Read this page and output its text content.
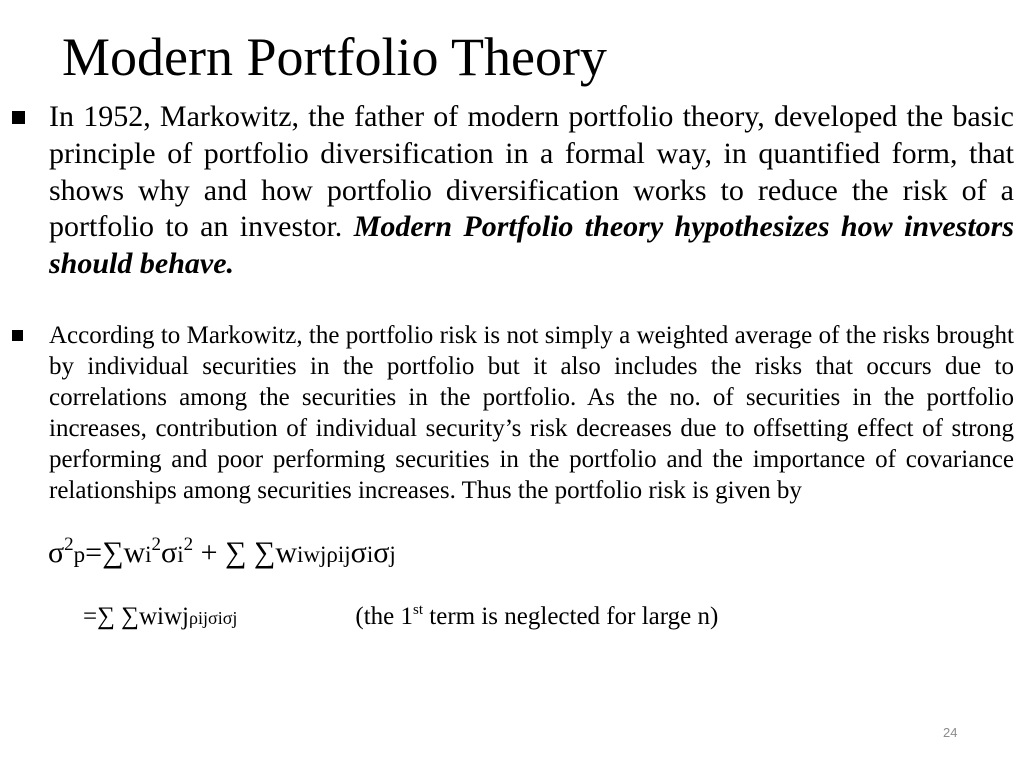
Modern Portfolio Theory
In 1952, Markowitz, the father of modern portfolio theory, developed the basic principle of portfolio diversification in a formal way, in quantified form, that shows why and how portfolio diversification works to reduce the risk of a portfolio to an investor. Modern Portfolio theory hypothesizes how investors should behave.
According to Markowitz, the portfolio risk is not simply a weighted average of the risks brought by individual securities in the portfolio but it also includes the risks that occurs due to correlations among the securities in the portfolio. As the no. of securities in the portfolio increases, contribution of individual security’s risk decreases due to offsetting effect of strong performing and poor performing securities in the portfolio and the importance of covariance relationships among securities increases. Thus the portfolio risk is given by
$\sigma^2p=\sum wi^2\sigma i^2$ + ∑ ∑wiwjρijσiσj
=∑ ∑wiwjρijσiσj	(the 1st term is neglected for large n)
24
